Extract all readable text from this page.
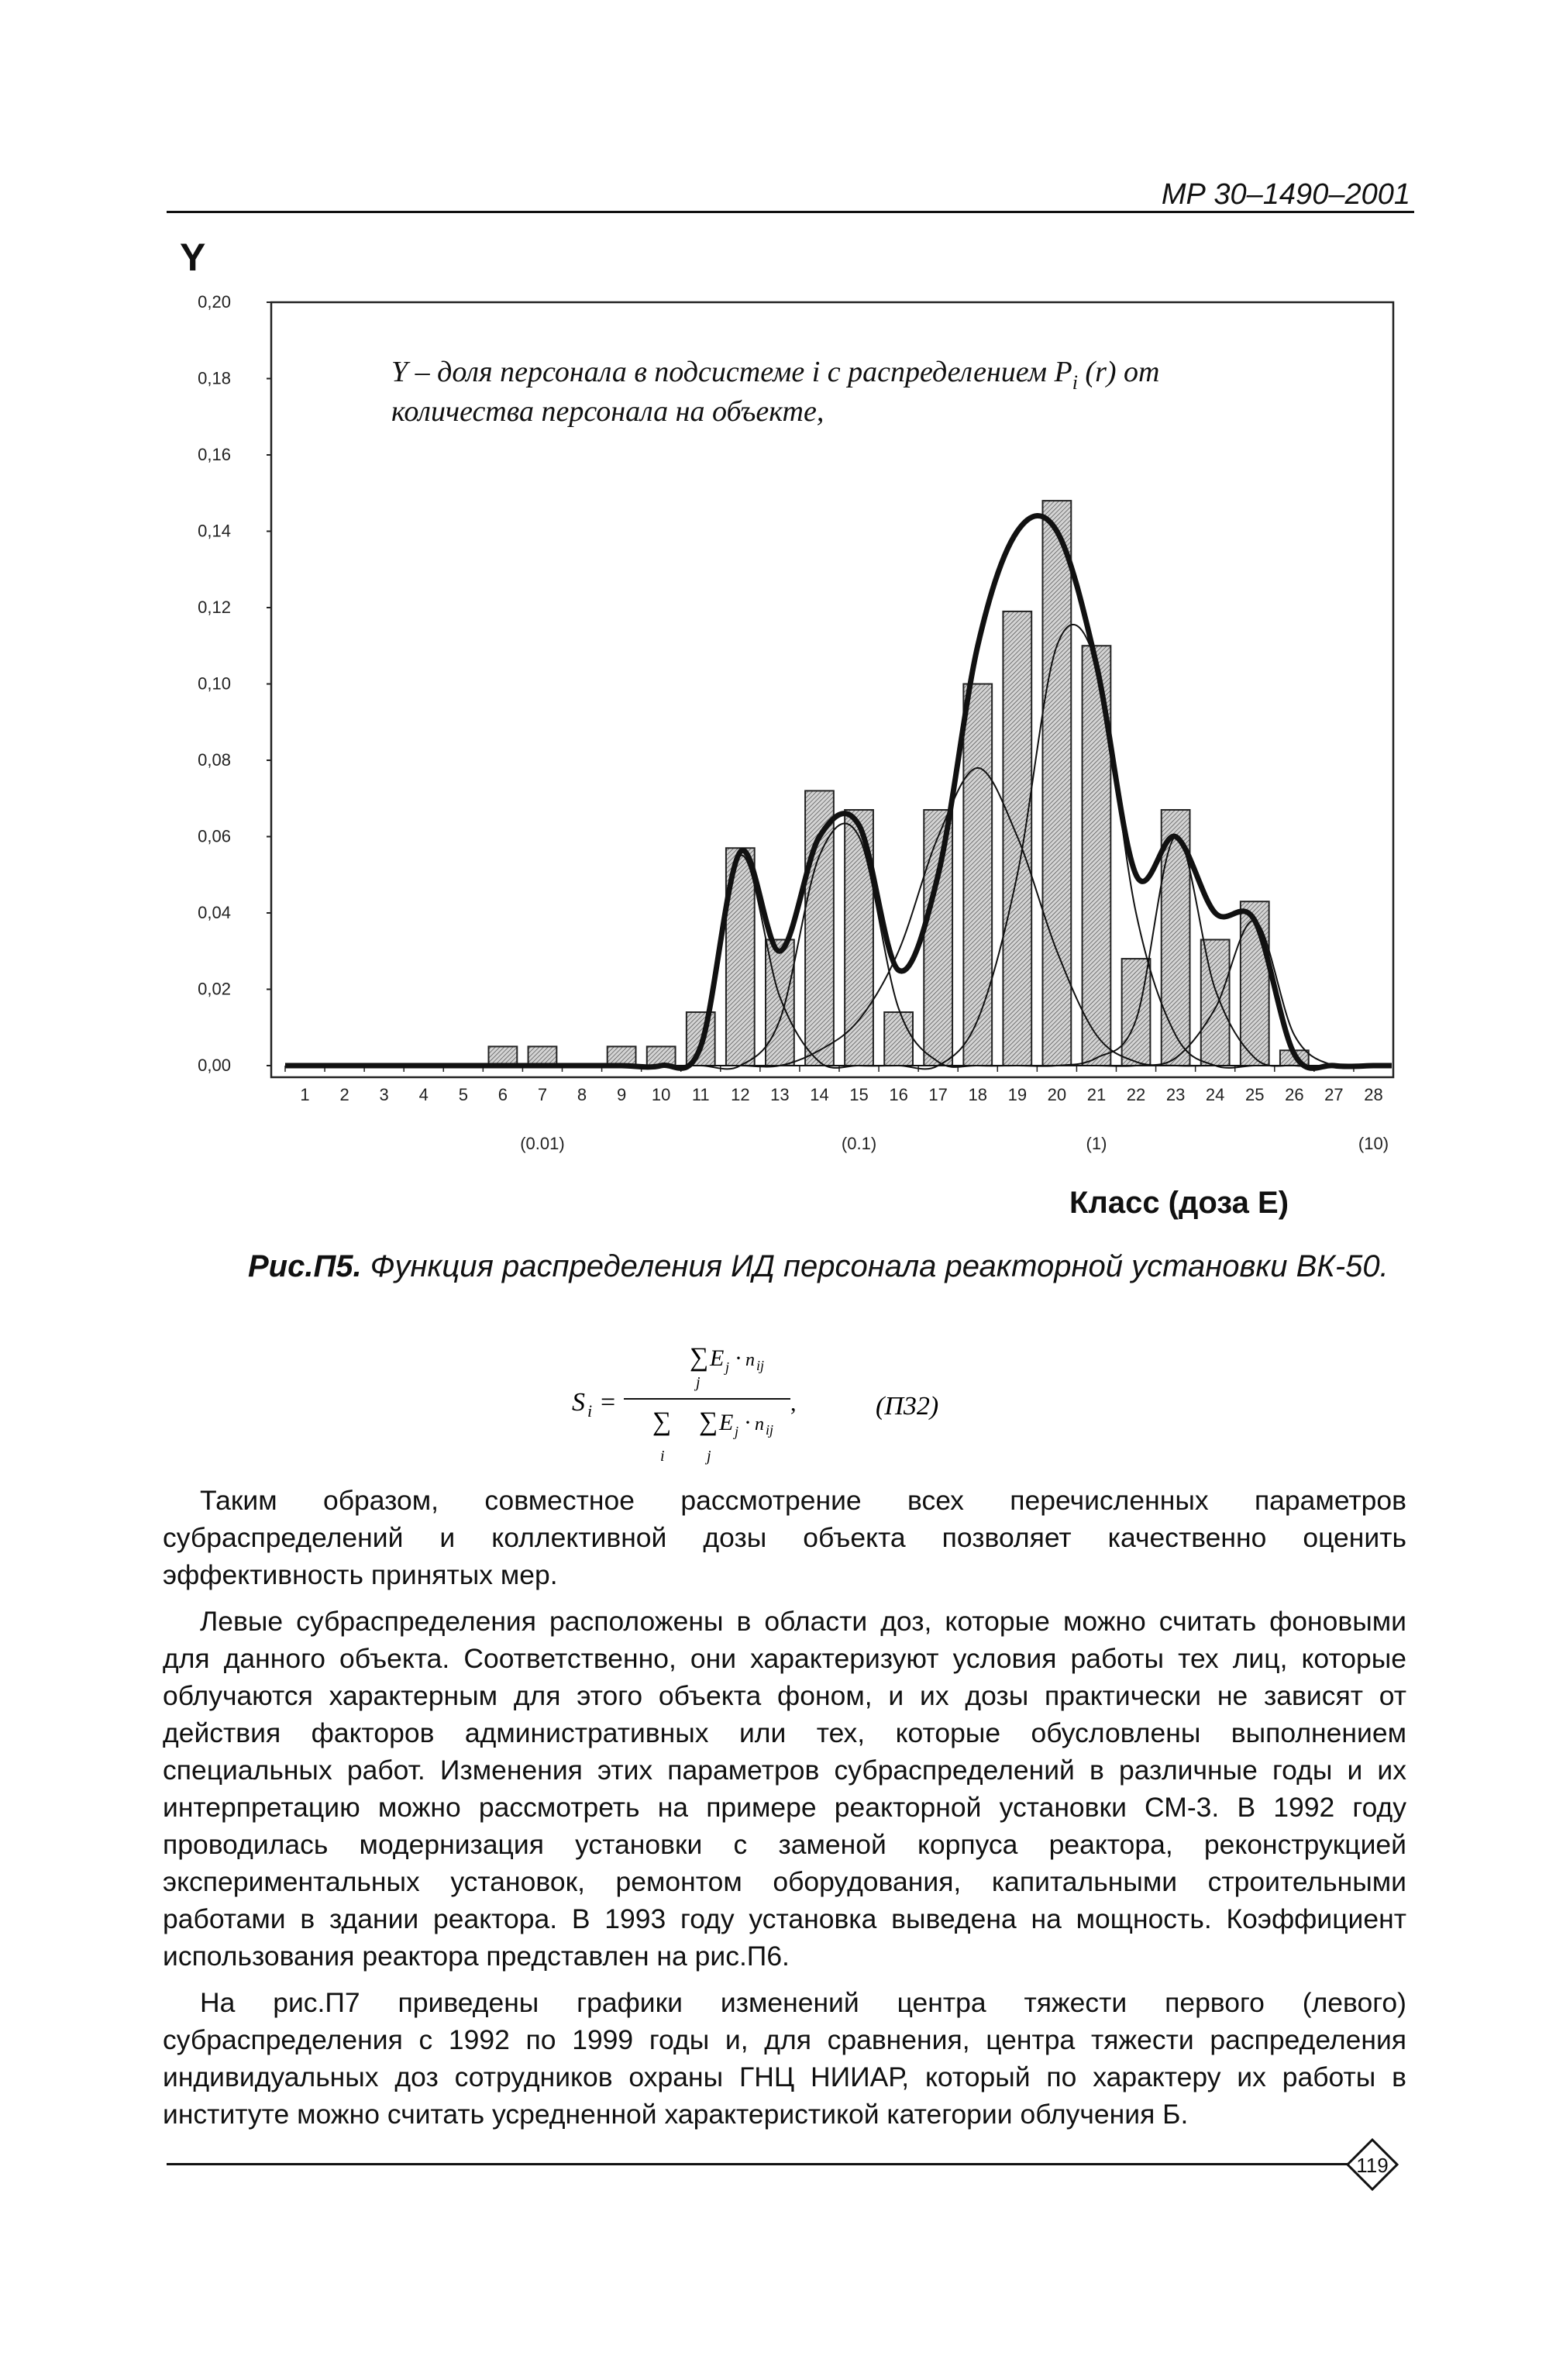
МР 30–1490–2001
Y
0,00
0,02
0,04
0,06
0,08
0,10
0,12
0,14
0,16
0,18
0,20
1 2 3 4 5 6 7 8 9 10 11 12 13 14 15 16 17 18 19 20 21 22 23 24 25 26 27 28
(0.01)	(0.1)	(1)	(10)
Y – доля персонала в подсистеме i с распределением $P_i$ (r) от
количества персонала на объекте,
Класс (доза Е)
Рис.П5. Функция распределения ИД персонала реакторной установки ВК-50.
S i =
∑ E j · n ij
j
,
∑ ∑ E j · n ij
i	j
(П32)

Таким образом, совместное рассмотрение всех перечисленных параметров субраспределений и коллективной дозы объекта позволяет качественно оценить эффективность принятых мер.

Левые субраспределения расположены в области доз, которые можно считать фоновыми для данного объекта. Соответственно, они характеризуют условия работы тех лиц, которые облучаются характерным для этого объекта фоном, и их дозы практически не зависят от действия факторов административных или тех, которые обусловлены выполнением специальных работ. Изменения этих параметров субраспределений в различные годы и их интерпретацию можно рассмотреть на примере реакторной установки СМ-3. В 1992 году проводилась модернизация установки с заменой корпуса реактора, реконструкцией экспериментальных установок, ремонтом оборудования, капитальными строительными работами в здании реактора. В 1993 году установка выведена на мощность. Коэффициент использования реактора представлен на рис.П6.

На рис.П7 приведены графики изменений центра тяжести первого (левого) субраспределения с 1992 по 1999 годы и, для сравнения, центра тяжести распределения индивидуальных доз сотрудников охраны ГНЦ НИИАР, который по характеру их работы в институте можно считать усредненной характеристикой категории облучения Б.

119
